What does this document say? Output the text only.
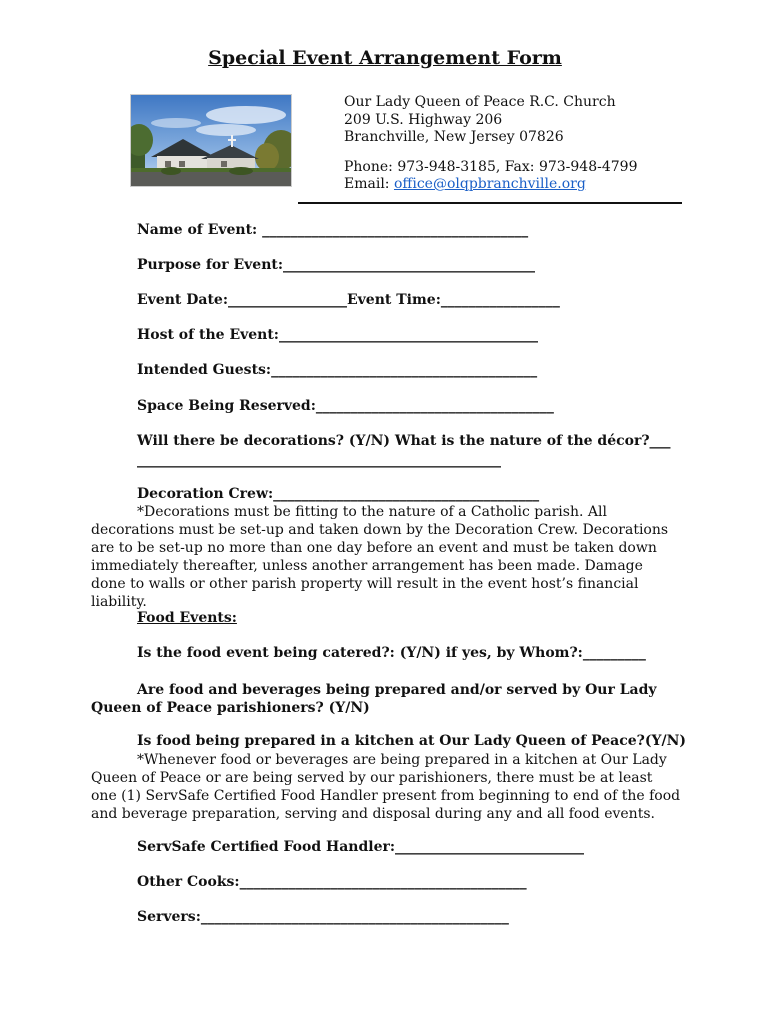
Special Event Arrangement Form
Our Lady Queen of Peace R.C. Church
209 U.S. Highway 206
Branchville, New Jersey 07826
Phone: 973-948-3185, Fax: 973-948-4799
Email: office@olqpbranchville.org
Name of Event: ______________________________________
Purpose for Event:____________________________________
Event Date:_________________Event Time:_________________
Host of the Event:_____________________________________
Intended Guests:______________________________________
Space Being Reserved:__________________________________
Will there be decorations? (Y/N) What is the nature of the décor?___
____________________________________________________
Decoration Crew:______________________________________
*Decorations must be fitting to the nature of a Catholic parish. All decorations must be set-up and taken down by the Decoration Crew. Decorations are to be set-up no more than one day before an event and must be taken down immediately thereafter, unless another arrangement has been made. Damage done to walls or other parish property will result in the event host’s financial liability.
Food Events:
Is the food event being catered?: (Y/N) if yes, by Whom?:_________
Are food and beverages being prepared and/or served by Our Lady Queen of Peace parishioners? (Y/N)
Is food being prepared in a kitchen at Our Lady Queen of Peace?(Y/N)
*Whenever food or beverages are being prepared in a kitchen at Our Lady Queen of Peace or are being served by our parishioners, there must be at least one (1) ServSafe Certified Food Handler present from beginning to end of the food and beverage preparation, serving and disposal during any and all food events.
ServSafe Certified Food Handler:___________________________
Other Cooks:_________________________________________
Servers:____________________________________________
